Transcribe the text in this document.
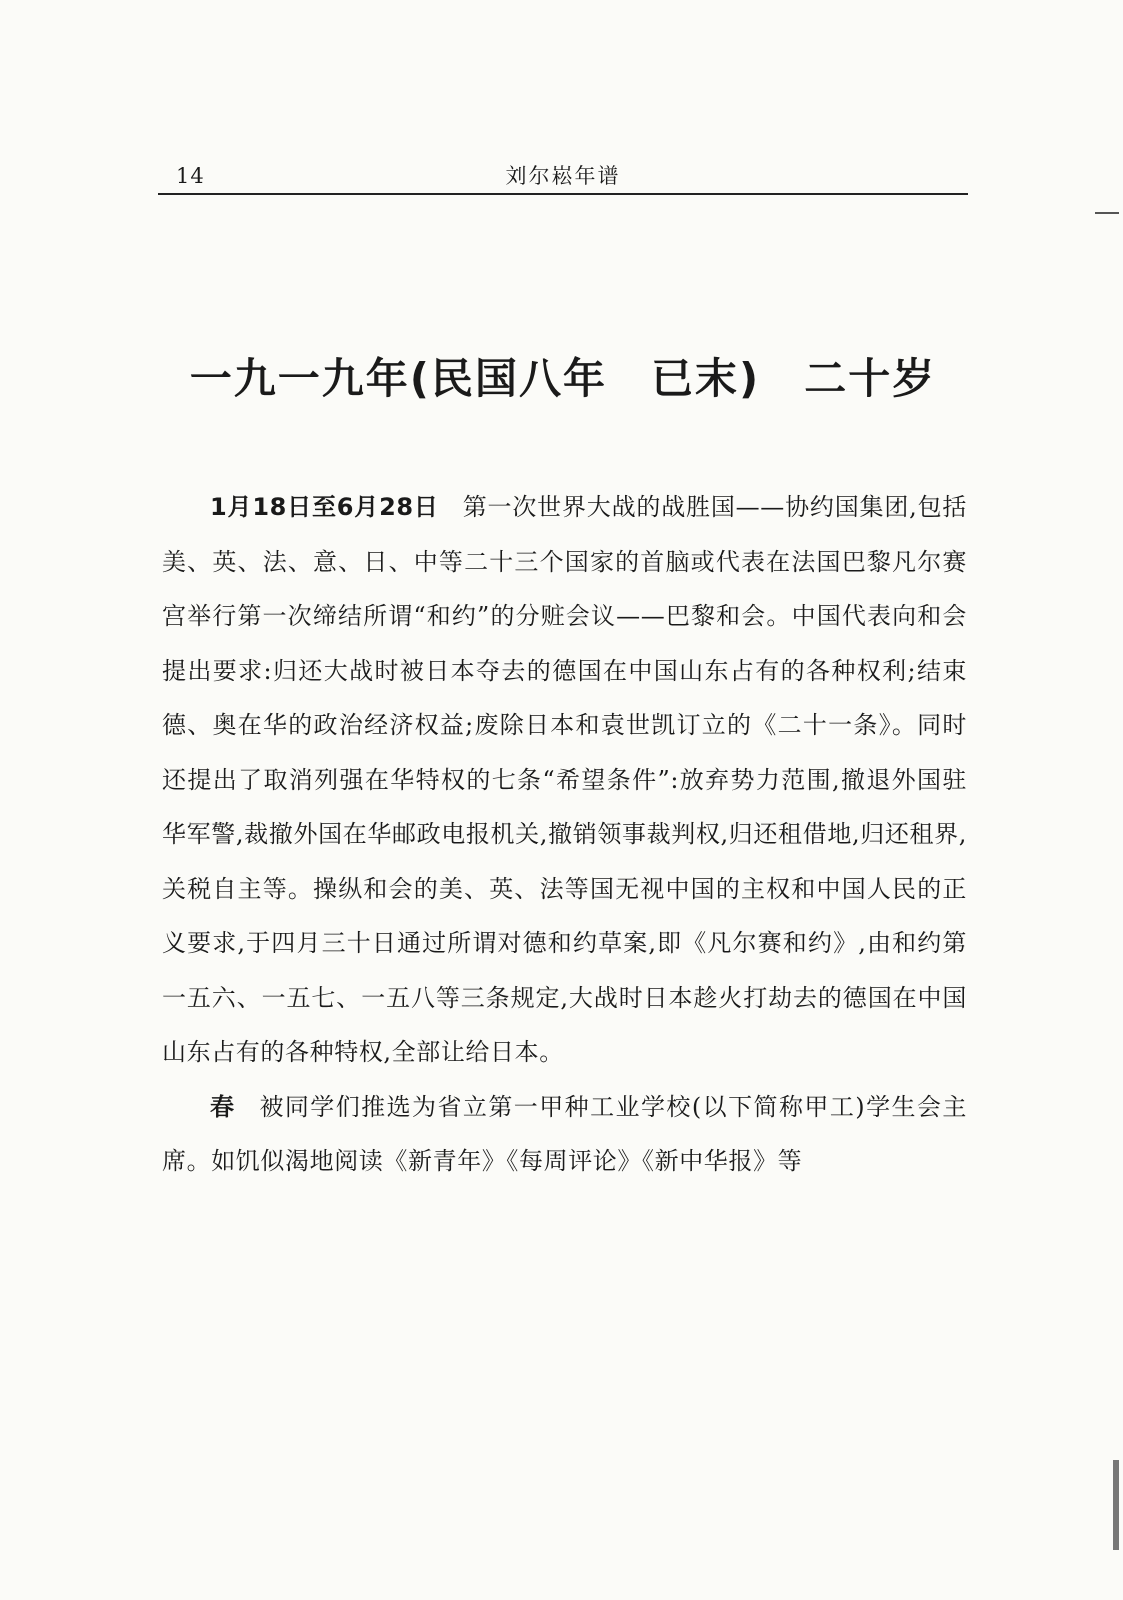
14	刘尔崧年谱
一九一九年(民国八年　已末)　二十岁

1月18日至6月28日 第一次世界大战的战胜国——协约国集团,包括美、英、法、意、日、中等二十三个国家的首脑或代表在法国巴黎凡尔赛宫举行第一次缔结所谓“和约”的分赃会议——巴黎和会。中国代表向和会提出要求:归还大战时被日本夺去的德国在中国山东占有的各种权利;结束德、奥在华的政治经济权益;废除日本和袁世凯订立的《二十一条》。同时还提出了取消列强在华特权的七条“希望条件”:放弃势力范围,撤退外国驻华军警,裁撤外国在华邮政电报机关,撤销领事裁判权,归还租借地,归还租界,关税自主等。操纵和会的美、英、法等国无视中国的主权和中国人民的正义要求,于四月三十日通过所谓对德和约草案,即《凡尔赛和约》,由和约第一五六、一五七、一五八等三条规定,大战时日本趁火打劫去的德国在中国山东占有的各种特权,全部让给日本。

春 被同学们推选为省立第一甲种工业学校(以下简称甲工)学生会主席。如饥似渴地阅读《新青年》《每周评论》《新中华报》等
